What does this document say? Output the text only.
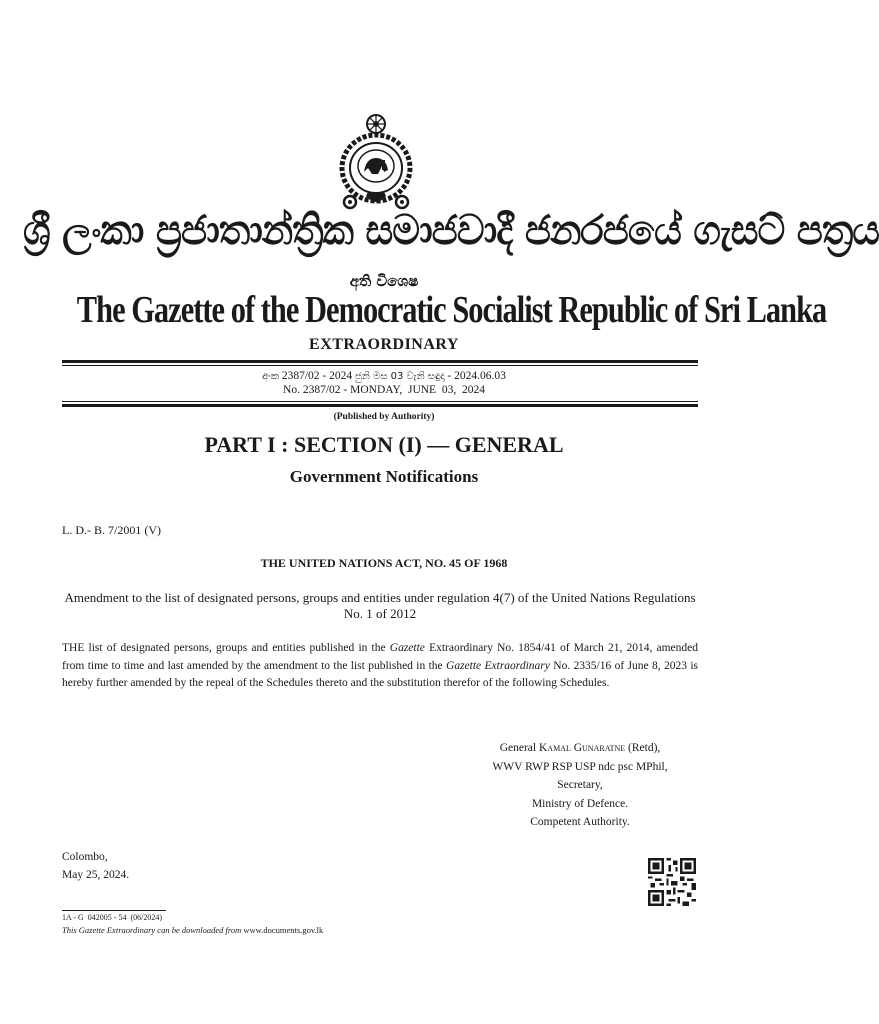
ශ්‍රී ලංකා ප්‍රජාතාන්ත්‍රික සමාජවාදී ජනරජයේ ගැසට් පත්‍රය
අති විශෙෂ
The Gazette of the Democratic Socialist Republic of Sri Lanka
EXTRAORDINARY
අංක 2387/02 - 2024 ජුනි මස 03 වැනි සඳුදා - 2024.06.03
No. 2387/02 - MONDAY,  JUNE  03,  2024
(Published by Authority)
PART I : SECTION (I) — GENERAL
Government Notifications
L. D.- B. 7/2001 (V)
THE UNITED NATIONS ACT, NO. 45 OF 1968
Amendment to the list of designated persons, groups and entities under regulation 4(7) of the United Nations Regulations No. 1 of 2012
THE list of designated persons, groups and entities published in the Gazette Extraordinary No. 1854/41 of March 21, 2014, amended from time to time and last amended by the amendment to the list published in the Gazette Extraordinary No. 2335/16 of June 8, 2023 is hereby further amended by the repeal of the Schedules thereto and the substitution therefor of the following Schedules.
General Kamal Gunaratne (Retd),
WWV RWP RSP USP ndc psc MPhil,
Secretary,
Ministry of Defence.
Competent Authority.
Colombo,
May 25, 2024.
1A - G  042005 - 54  (06/2024)
This Gazette Extraordinary can be downloaded from www.documents.gov.lk
